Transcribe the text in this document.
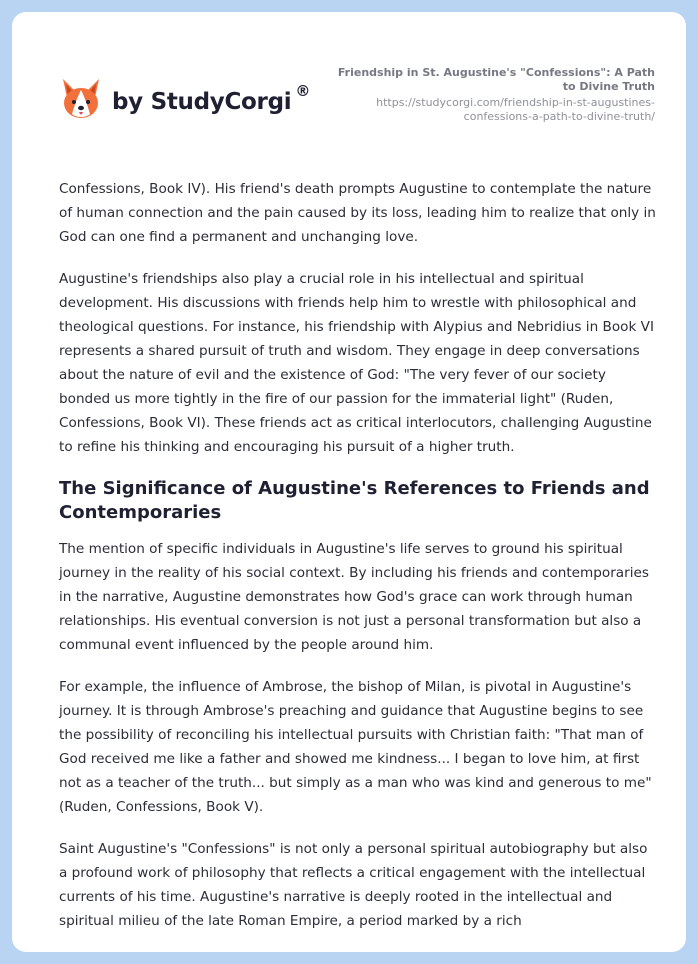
by StudyCorgi ®
Friendship in St. Augustine's "Confessions": A Path to Divine Truth
https://studycorgi.com/friendship-in-st-augustines-confessions-a-path-to-divine-truth/

Confessions, Book IV). His friend's death prompts Augustine to contemplate the nature of human connection and the pain caused by its loss, leading him to realize that only in God can one find a permanent and unchanging love.

Augustine's friendships also play a crucial role in his intellectual and spiritual development. His discussions with friends help him to wrestle with philosophical and theological questions. For instance, his friendship with Alypius and Nebridius in Book VI represents a shared pursuit of truth and wisdom. They engage in deep conversations about the nature of evil and the existence of God: "The very fever of our society bonded us more tightly in the fire of our passion for the immaterial light" (Ruden, Confessions, Book VI). These friends act as critical interlocutors, challenging Augustine to refine his thinking and encouraging his pursuit of a higher truth.

The Significance of Augustine's References to Friends and Contemporaries

The mention of specific individuals in Augustine's life serves to ground his spiritual journey in the reality of his social context. By including his friends and contemporaries in the narrative, Augustine demonstrates how God's grace can work through human relationships. His eventual conversion is not just a personal transformation but also a communal event influenced by the people around him.

For example, the influence of Ambrose, the bishop of Milan, is pivotal in Augustine's journey. It is through Ambrose's preaching and guidance that Augustine begins to see the possibility of reconciling his intellectual pursuits with Christian faith: "That man of God received me like a father and showed me kindness... I began to love him, at first not as a teacher of the truth... but simply as a man who was kind and generous to me" (Ruden, Confessions, Book V).

Saint Augustine's "Confessions" is not only a personal spiritual autobiography but also a profound work of philosophy that reflects a critical engagement with the intellectual currents of his time. Augustine's narrative is deeply rooted in the intellectual and spiritual milieu of the late Roman Empire, a period marked by a rich
